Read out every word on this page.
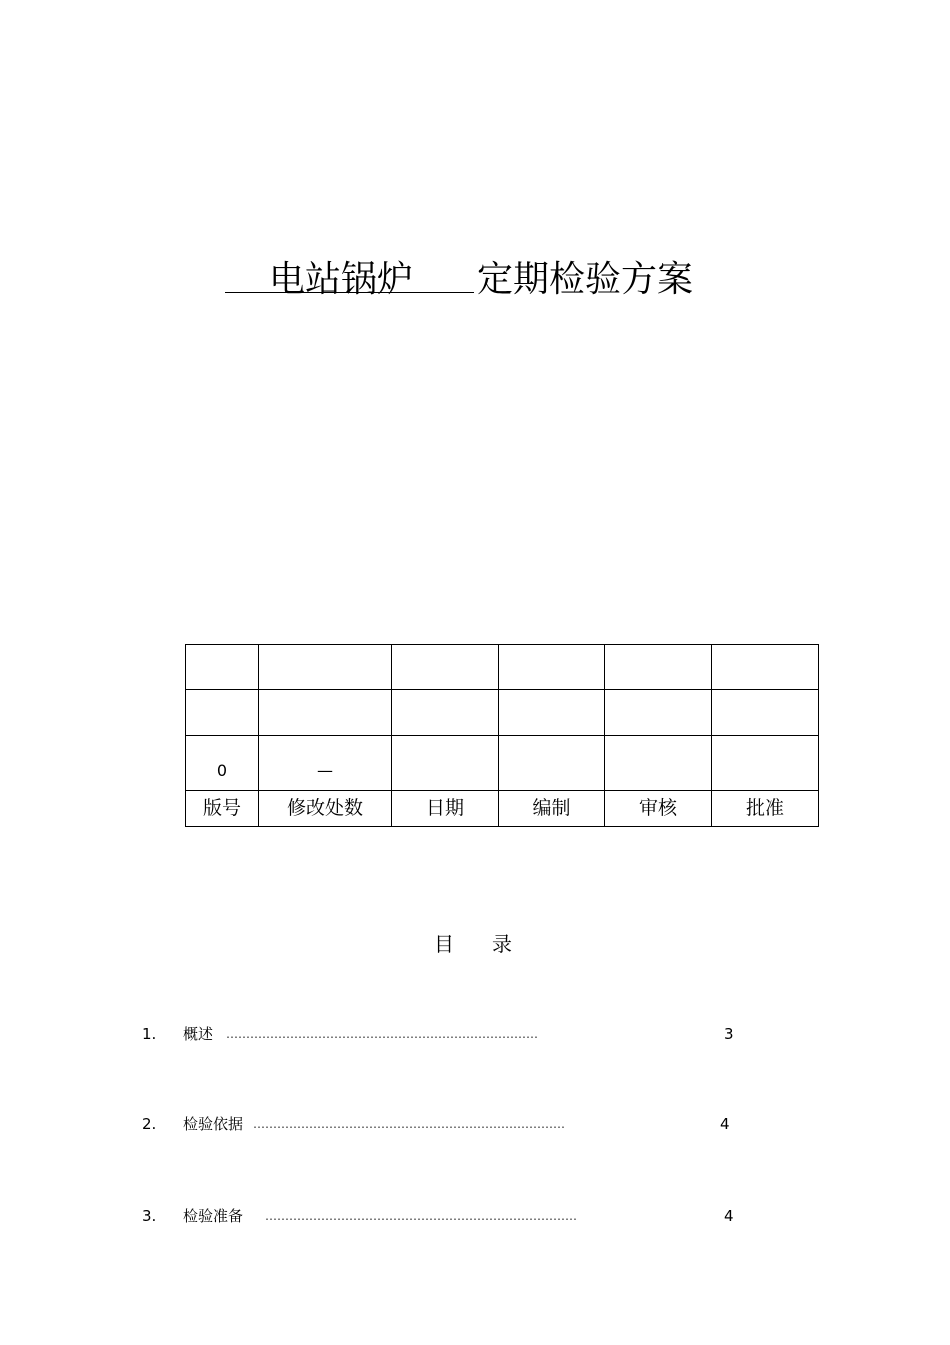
电站锅炉 定期检验方案

0	—				
版号	修改处数	日期	编制	审核	批准
目 录
1. 概述 ……………………………………………………………………	3
2. 检验依据 ……………………………………………………………………	4
3. 检验准备 ……………………………………………………………………	4
